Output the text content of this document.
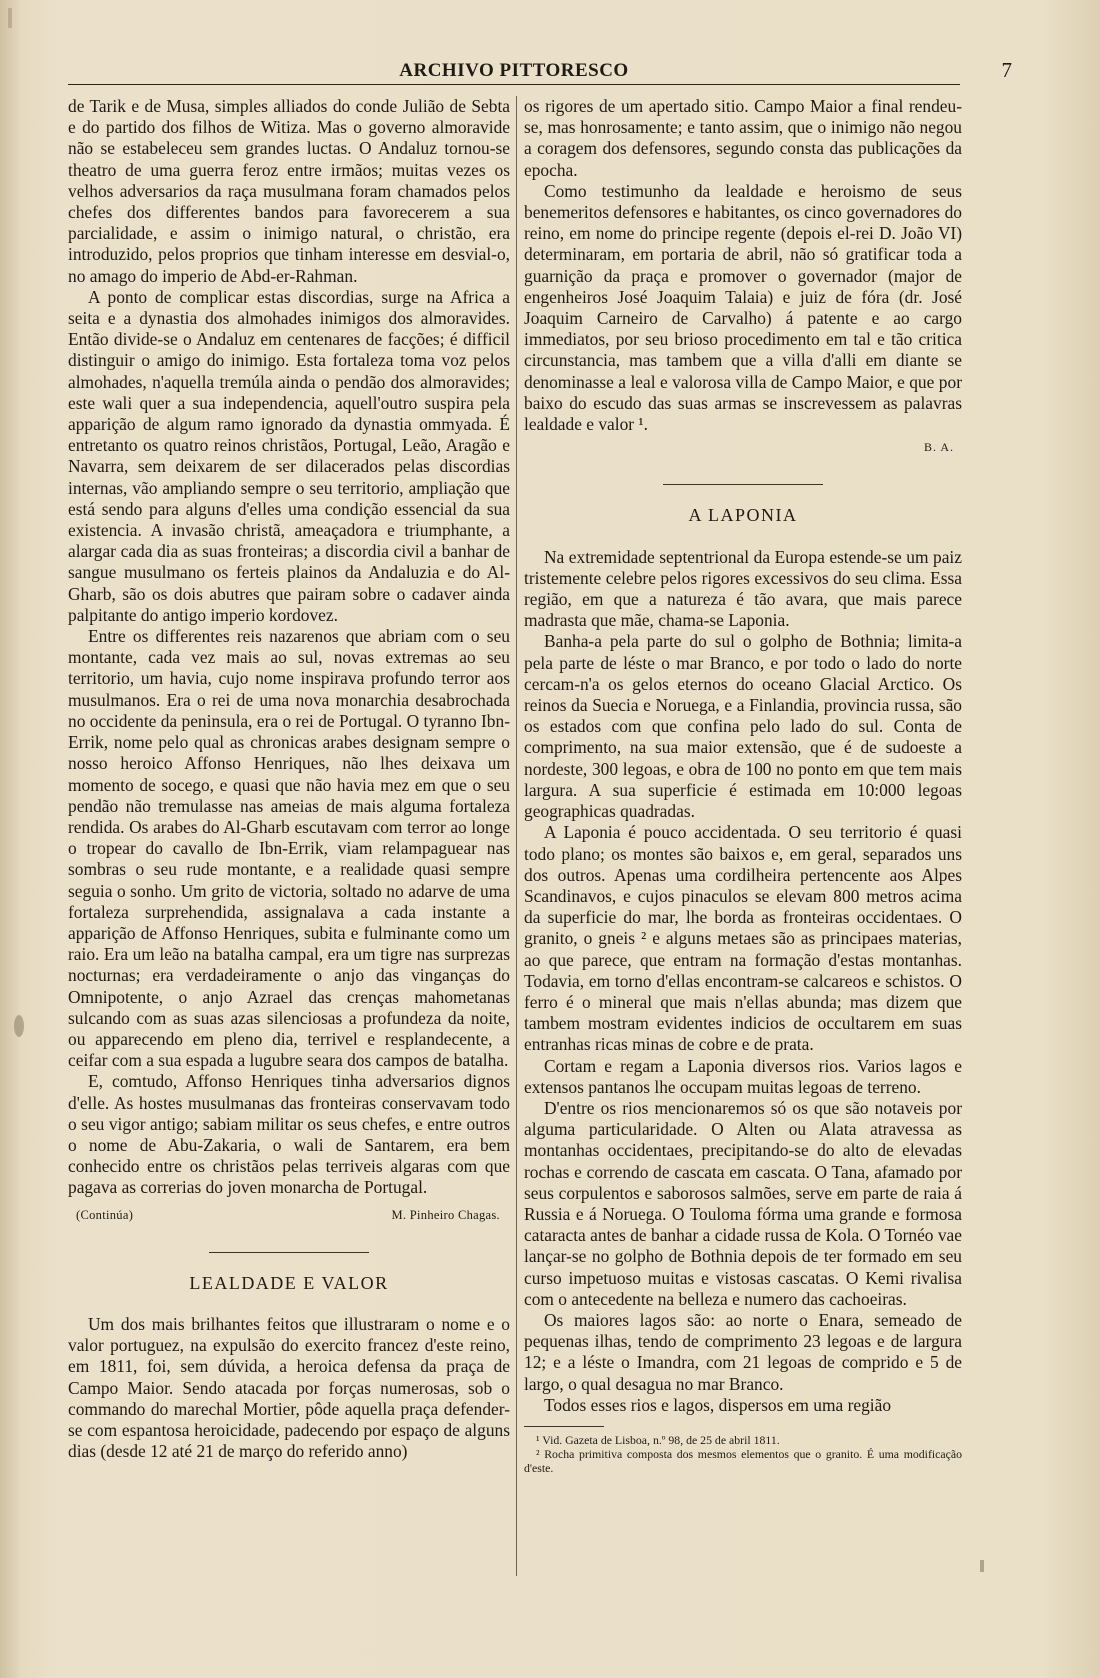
ARCHIVO PITTORESCO	7

de Tarik e de Musa, simples alliados do conde Julião de Sebta e do partido dos filhos de Witiza. Mas o governo almoravide não se estabeleceu sem grandes luctas. O Andaluz tornou-se theatro de uma guerra feroz entre irmãos; muitas vezes os velhos adversarios da raça musulmana foram chamados pelos chefes dos differentes bandos para favorecerem a sua parcialidade, e assim o inimigo natural, o christão, era introduzido, pelos proprios que tinham interesse em desvial-o, no amago do imperio de Abd-er-Rahman.

A ponto de complicar estas discordias, surge na Africa a seita e a dynastia dos almohades inimigos dos almoravides. Então divide-se o Andaluz em centenares de facções; é difficil distinguir o amigo do inimigo. Esta fortaleza toma voz pelos almohades, n'aquella tremúla ainda o pendão dos almoravides; este wali quer a sua independencia, aquell'outro suspira pela apparição de algum ramo ignorado da dynastia ommyada. É entretanto os quatro reinos christãos, Portugal, Leão, Aragão e Navarra, sem deixarem de ser dilacerados pelas discordias internas, vão ampliando sempre o seu territorio, ampliação que está sendo para alguns d'elles uma condição essencial da sua existencia. A invasão christã, ameaçadora e triumphante, a alargar cada dia as suas fronteiras; a discordia civil a banhar de sangue musulmano os ferteis plainos da Andaluzia e do Al-Gharb, são os dois abutres que pairam sobre o cadaver ainda palpitante do antigo imperio kordovez.

Entre os differentes reis nazarenos que abriam com o seu montante, cada vez mais ao sul, novas extremas ao seu territorio, um havia, cujo nome inspirava profundo terror aos musulmanos. Era o rei de uma nova monarchia desabrochada no occidente da peninsula, era o rei de Portugal. O tyranno Ibn-Errik, nome pelo qual as chronicas arabes designam sempre o nosso heroico Affonso Henriques, não lhes deixava um momento de socego, e quasi que não havia mez em que o seu pendão não tremulasse nas ameias de mais alguma fortaleza rendida. Os arabes do Al-Gharb escutavam com terror ao longe o tropear do cavallo de Ibn-Errik, viam relampaguear nas sombras o seu rude montante, e a realidade quasi sempre seguia o sonho. Um grito de victoria, soltado no adarve de uma fortaleza surprehendida, assignalava a cada instante a apparição de Affonso Henriques, subita e fulminante como um raio. Era um leão na batalha campal, era um tigre nas surprezas nocturnas; era verdadeiramente o anjo das vinganças do Omnipotente, o anjo Azrael das crenças mahometanas sulcando com as suas azas silenciosas a profundeza da noite, ou apparecendo em pleno dia, terrivel e resplandecente, a ceifar com a sua espada a lugubre seara dos campos de batalha.

E, comtudo, Affonso Henriques tinha adversarios dignos d'elle. As hostes musulmanas das fronteiras conservavam todo o seu vigor antigo; sabiam militar os seus chefes, e entre outros o nome de Abu-Zakaria, o wali de Santarem, era bem conhecido entre os christãos pelas terriveis algaras com que pagava as correrias do joven monarcha de Portugal.

(Continúa)	M. Pinheiro Chagas.
LEALDADE E VALOR

Um dos mais brilhantes feitos que illustraram o nome e o valor portuguez, na expulsão do exercito francez d'este reino, em 1811, foi, sem dúvida, a heroica defensa da praça de Campo Maior. Sendo atacada por forças numerosas, sob o commando do marechal Mortier, pôde aquella praça defender-se com espantosa heroicidade, padecendo por espaço de alguns dias (desde 12 até 21 de março do referido anno)

os rigores de um apertado sitio. Campo Maior a final rendeu-se, mas honrosamente; e tanto assim, que o inimigo não negou a coragem dos defensores, segundo consta das publicações da epocha.

Como testimunho da lealdade e heroismo de seus benemeritos defensores e habitantes, os cinco governadores do reino, em nome do principe regente (depois el-rei D. João VI) determinaram, em portaria de abril, não só gratificar toda a guarnição da praça e promover o governador (major de engenheiros José Joaquim Talaia) e juiz de fóra (dr. José Joaquim Carneiro de Carvalho) á patente e ao cargo immediatos, por seu brioso procedimento em tal e tão critica circunstancia, mas tambem que a villa d'alli em diante se denominasse a leal e valorosa villa de Campo Maior, e que por baixo do escudo das suas armas se inscrevessem as palavras lealdade e valor ¹.

B. A.
A LAPONIA

Na extremidade septentrional da Europa estende-se um paiz tristemente celebre pelos rigores excessivos do seu clima. Essa região, em que a natureza é tão avara, que mais parece madrasta que mãe, chama-se Laponia.

Banha-a pela parte do sul o golpho de Bothnia; limita-a pela parte de léste o mar Branco, e por todo o lado do norte cercam-n'a os gelos eternos do oceano Glacial Arctico. Os reinos da Suecia e Noruega, e a Finlandia, provincia russa, são os estados com que confina pelo lado do sul. Conta de comprimento, na sua maior extensão, que é de sudoeste a nordeste, 300 legoas, e obra de 100 no ponto em que tem mais largura. A sua superficie é estimada em 10:000 legoas geographicas quadradas.

A Laponia é pouco accidentada. O seu territorio é quasi todo plano; os montes são baixos e, em geral, separados uns dos outros. Apenas uma cordilheira pertencente aos Alpes Scandinavos, e cujos pinaculos se elevam 800 metros acima da superficie do mar, lhe borda as fronteiras occidentaes. O granito, o gneis ² e alguns metaes são as principaes materias, ao que parece, que entram na formação d'estas montanhas. Todavia, em torno d'ellas encontram-se calcareos e schistos. O ferro é o mineral que mais n'ellas abunda; mas dizem que tambem mostram evidentes indicios de occultarem em suas entranhas ricas minas de cobre e de prata.

Cortam e regam a Laponia diversos rios. Varios lagos e extensos pantanos lhe occupam muitas legoas de terreno.

D'entre os rios mencionaremos só os que são notaveis por alguma particularidade. O Alten ou Alata atravessa as montanhas occidentaes, precipitando-se do alto de elevadas rochas e correndo de cascata em cascata. O Tana, afamado por seus corpulentos e saborosos salmões, serve em parte de raia á Russia e á Noruega. O Touloma fórma uma grande e formosa cataracta antes de banhar a cidade russa de Kola. O Tornéo vae lançar-se no golpho de Bothnia depois de ter formado em seu curso impetuoso muitas e vistosas cascatas. O Kemi rivalisa com o antecedente na belleza e numero das cachoeiras.

Os maiores lagos são: ao norte o Enara, semeado de pequenas ilhas, tendo de comprimento 23 legoas e de largura 12; e a léste o Imandra, com 21 legoas de comprido e 5 de largo, o qual desagua no mar Branco.

Todos esses rios e lagos, dispersos em uma região

¹ Vid. Gazeta de Lisboa, n.º 98, de 25 de abril 1811.
² Rocha primitiva composta dos mesmos elementos que o granito. É uma modificação d'este.
